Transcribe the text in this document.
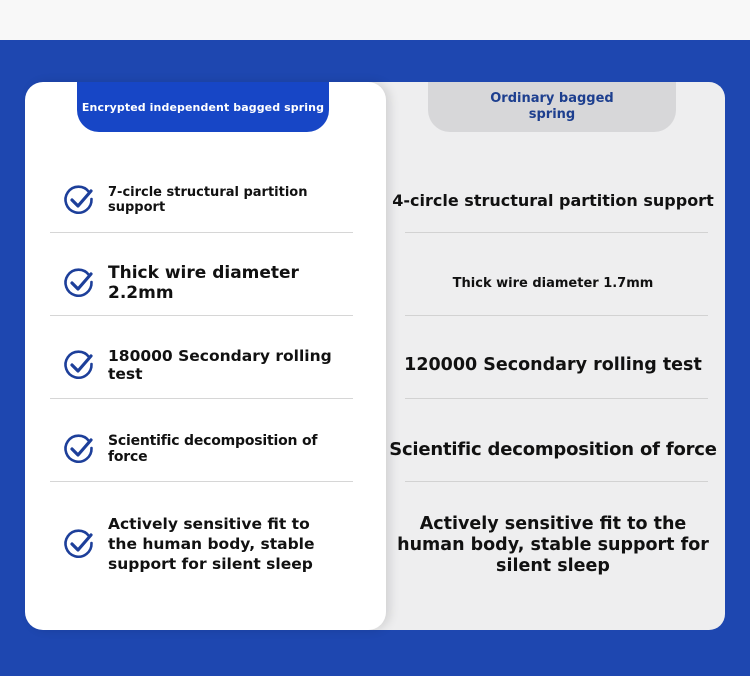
Encrypted independent bagged spring
Ordinary bagged spring
7-circle structural partition support
Thick wire diameter 2.2mm
180000 Secondary rolling test
Scientific decomposition of force
Actively sensitive fit to the human body, stable support for silent sleep
4-circle structural partition support
Thick wire diameter 1.7mm
120000 Secondary rolling test
Scientific decomposition of force
Actively sensitive fit to the human body, stable support for silent sleep
